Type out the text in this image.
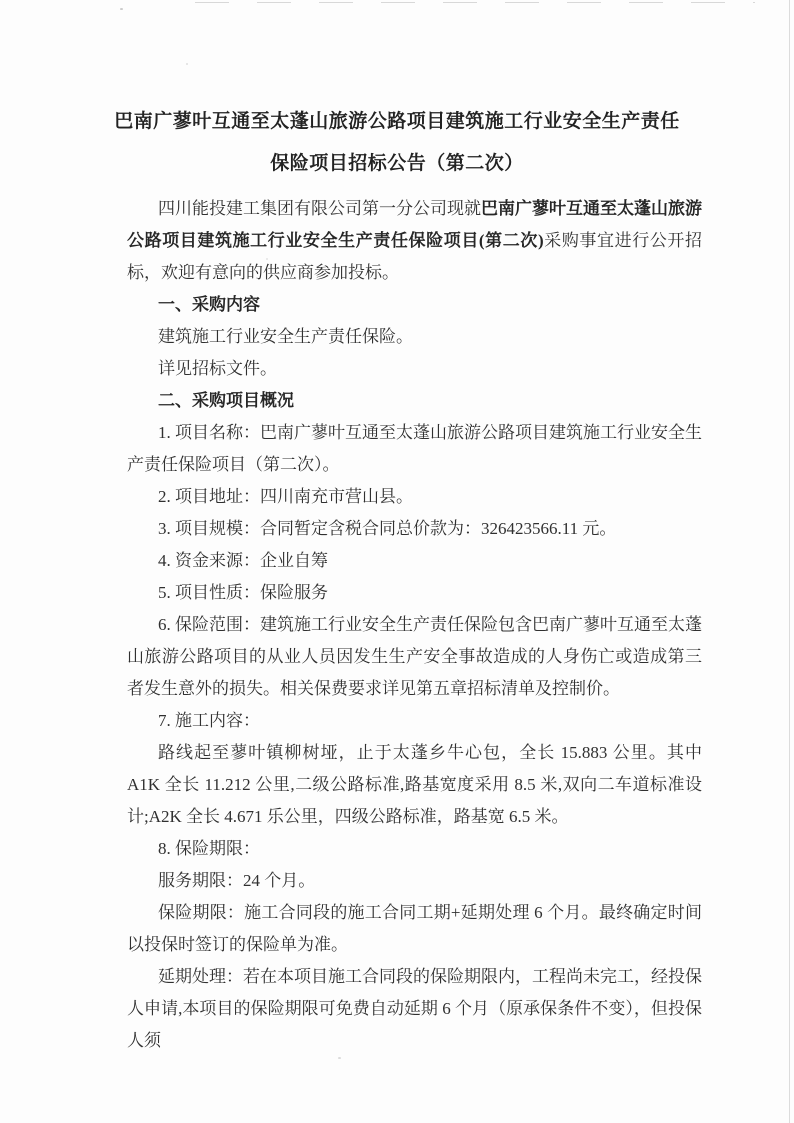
巴南广蓼叶互通至太蓬山旅游公路项目建筑施工行业安全生产责任
保险项目招标公告（第二次）

四川能投建工集团有限公司第一分公司现就巴南广蓼叶互通至太蓬山旅游公路项目建筑施工行业安全生产责任保险项目(第二次)采购事宜进行公开招标，欢迎有意向的供应商参加投标。

一、采购内容

建筑施工行业安全生产责任保险。

详见招标文件。

二、采购项目概况

1. 项目名称：巴南广蓼叶互通至太蓬山旅游公路项目建筑施工行业安全生产责任保险项目（第二次）。

2. 项目地址：四川南充市营山县。

3. 项目规模：合同暂定含税合同总价款为：326423566.11 元。

4. 资金来源：企业自筹

5. 项目性质：保险服务

6. 保险范围：建筑施工行业安全生产责任保险包含巴南广蓼叶互通至太蓬山旅游公路项目的从业人员因发生生产安全事故造成的人身伤亡或造成第三者发生意外的损失。相关保费要求详见第五章招标清单及控制价。

7. 施工内容：

路线起至蓼叶镇柳树垭，止于太蓬乡牛心包，全长 15.883 公里。其中 A1K 全长 11.212 公里,二级公路标准,路基宽度采用 8.5 米,双向二车道标准设计;A2K 全长 4.671 乐公里，四级公路标准，路基宽 6.5 米。

8. 保险期限：

服务期限：24 个月。

保险期限：施工合同段的施工合同工期+延期处理 6 个月。最终确定时间以投保时签订的保险单为准。

延期处理：若在本项目施工合同段的保险期限内，工程尚未完工，经投保人申请,本项目的保险期限可免费自动延期 6 个月（原承保条件不变），但投保人须
